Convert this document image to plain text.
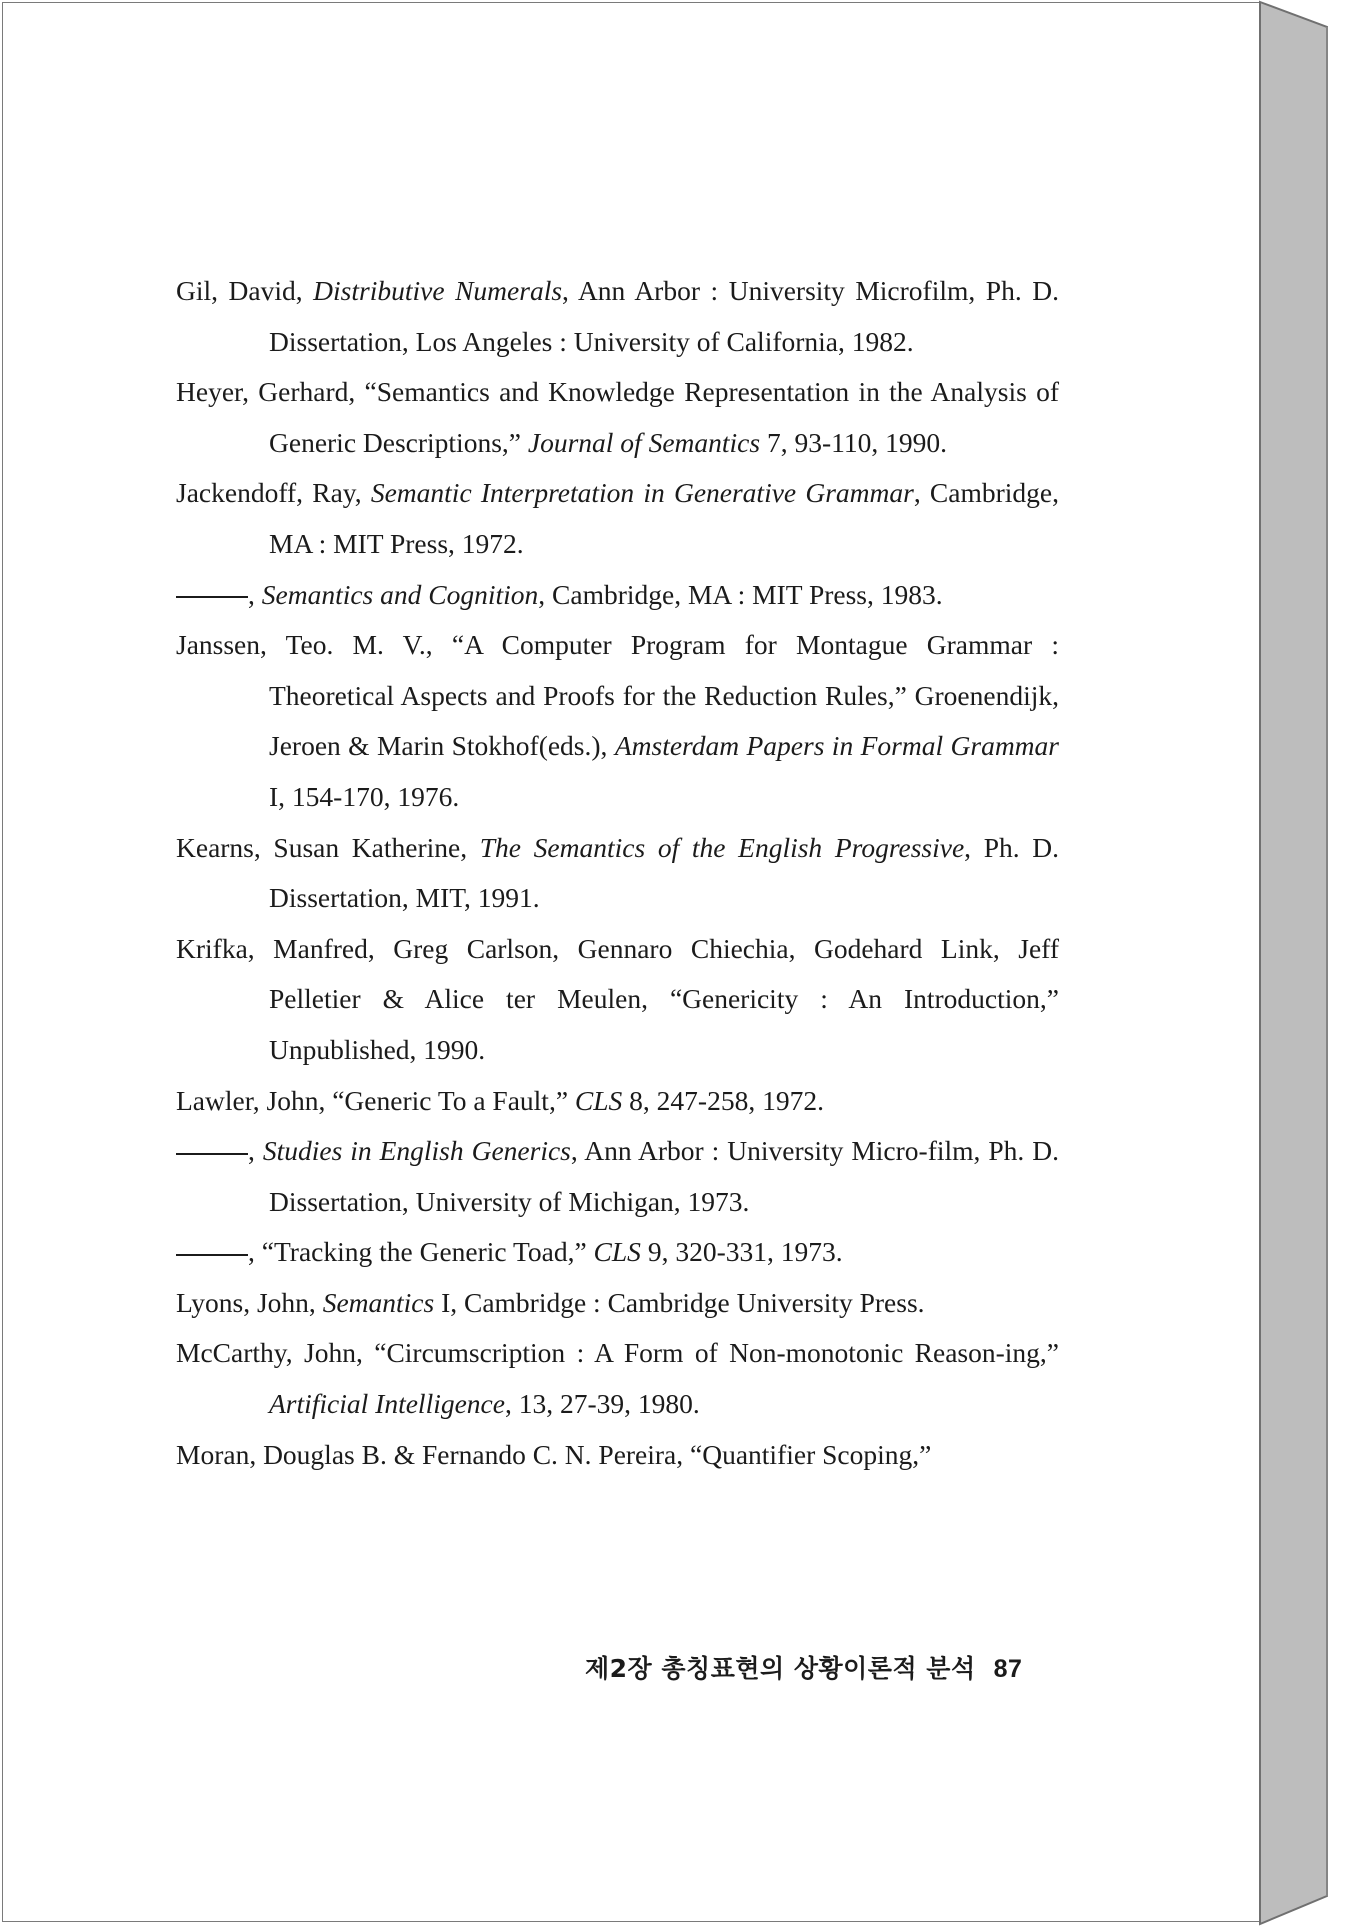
Gil, David, Distributive Numerals, Ann Arbor : University Microfilm, Ph. D. Dissertation, Los Angeles : University of California, 1982.

Heyer, Gerhard, “Semantics and Knowledge Representation in the Analysis of Generic Descriptions,” Journal of Semantics 7, 93-110, 1990.

Jackendoff, Ray, Semantic Interpretation in Generative Grammar, Cambridge, MA : MIT Press, 1972.

, Semantics and Cognition, Cambridge, MA : MIT Press, 1983.

Janssen, Teo. M. V., “A Computer Program for Montague Grammar : Theoretical Aspects and Proofs for the Reduction Rules,” Groenendijk, Jeroen & Marin Stokhof(eds.), Amsterdam Papers in Formal Grammar I, 154-170, 1976.

Kearns, Susan Katherine, The Semantics of the English Progressive, Ph. D. Dissertation, MIT, 1991.

Krifka, Manfred, Greg Carlson, Gennaro Chiechia, Godehard Link, Jeff Pelletier & Alice ter Meulen, “Genericity : An Introduction,” Unpublished, 1990.

Lawler, John, “Generic To a Fault,” CLS 8, 247-258, 1972.

, Studies in English Generics, Ann Arbor : University Micro-film, Ph. D. Dissertation, University of Michigan, 1973.

, “Tracking the Generic Toad,” CLS 9, 320-331, 1973.

Lyons, John, Semantics I, Cambridge : Cambridge University Press.

McCarthy, John, “Circumscription : A Form of Non-monotonic Reason-ing,” Artificial Intelligence, 13, 27-39, 1980.

Moran, Douglas B. & Fernando C. N. Pereira, “Quantifier Scoping,”

제2장 총칭표현의 상황이론적 분석 87
